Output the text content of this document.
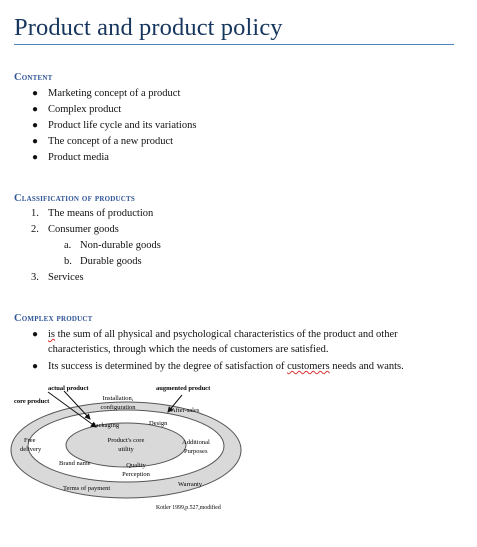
Product and product policy
Content
● Marketing concept of a product
● Complex product
● Product life cycle and its variations
● The concept of a new product
● Product media
Classification of products
1. The means of production
2. Consumer goods
a. Non-durable goods
b. Durable goods
3. Services
Complex product
● is the sum of all physical and psychological characteristics of the product and other
characteristics, through which the needs of customers are satisfied.
● Its success is determined by the degree of satisfaction of customers needs and wants.
actual product	augmented product
core product	Installation,
configuration	After-sales
Packaging	Design
Free
delivery
Product's core
utility
Additional
Purposes
Brand name	Quality
Perception
Warranty
Terms of payment
Kotler 1999,p.527,modified
